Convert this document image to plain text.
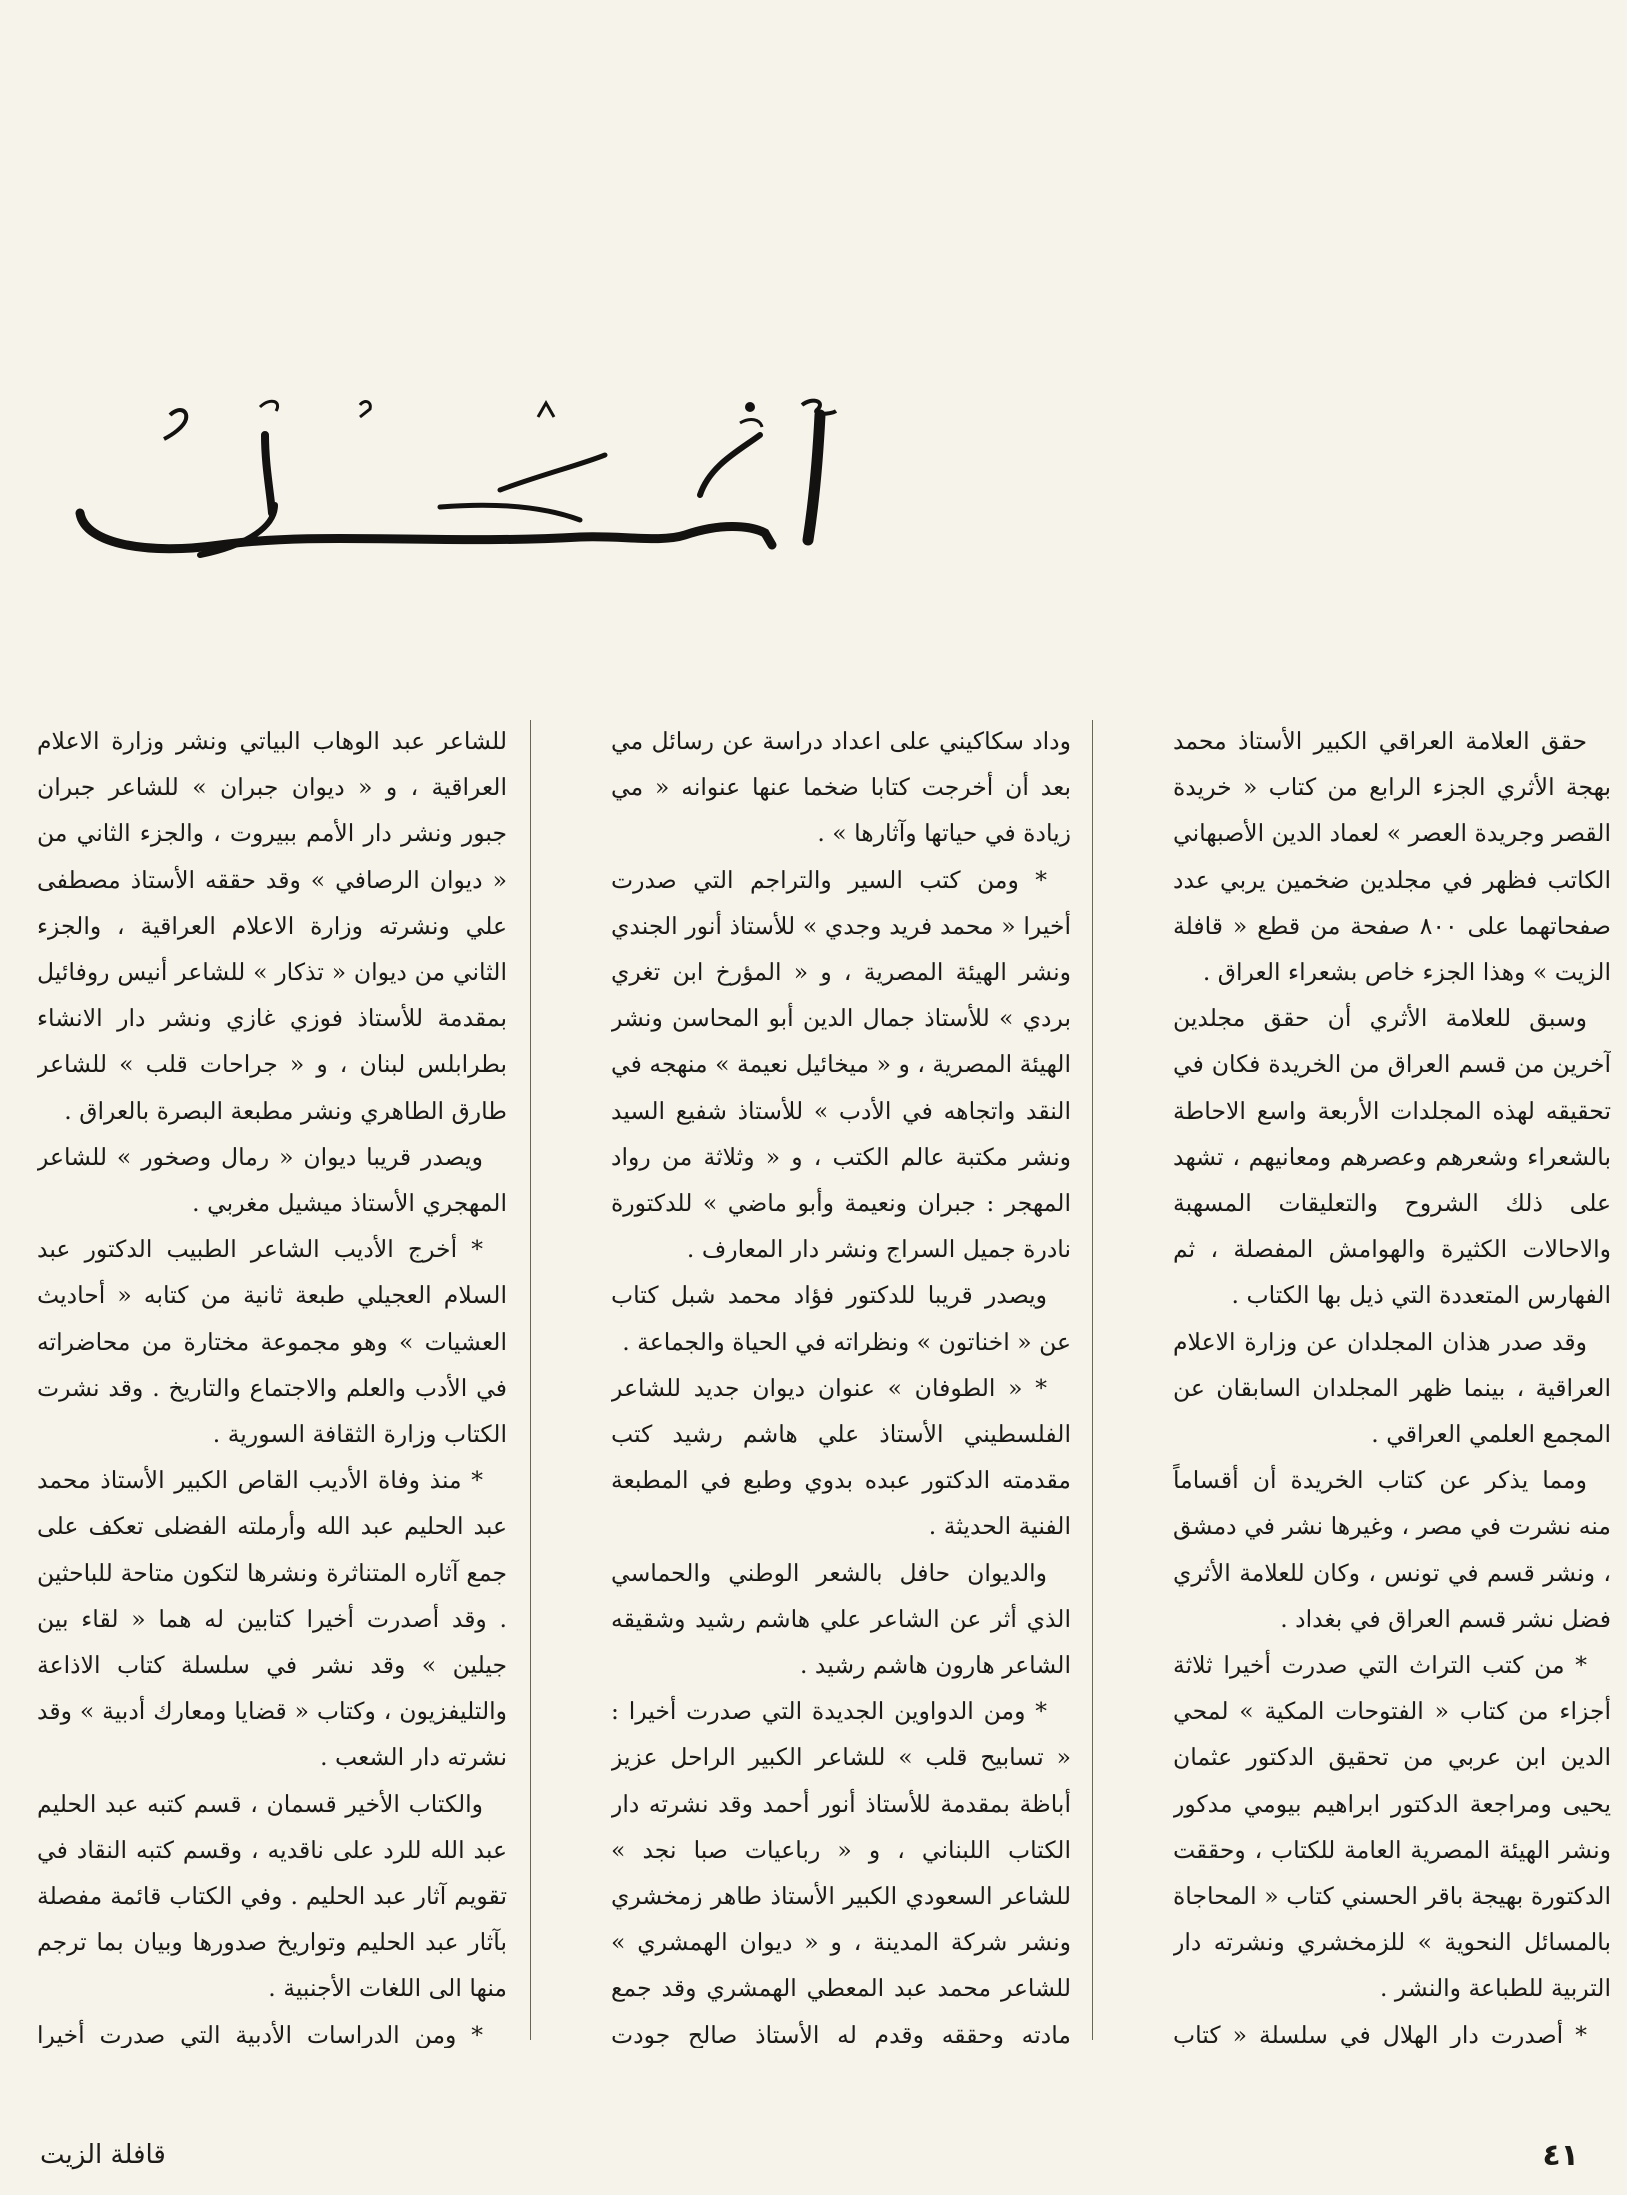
حقق العلامة العراقي الكبير الأستاذ محمد بهجة الأثري الجزء الرابع من كتاب « خريدة القصر وجريدة العصر » لعماد الدين الأصبهاني الكاتب فظهر في مجلدين ضخمين يربي عدد صفحاتهما على ٨٠٠ صفحة من قطع « قافلة الزيت » وهذا الجزء خاص بشعراء العراق .

وسبق للعلامة الأثري أن حقق مجلدين آخرين من قسم العراق من الخريدة فكان في تحقيقه لهذه المجلدات الأربعة واسع الاحاطة بالشعراء وشعرهم وعصرهم ومعانيهم ، تشهد على ذلك الشروح والتعليقات المسهبة والاحالات الكثيرة والهوامش المفصلة ، ثم الفهارس المتعددة التي ذيل بها الكتاب .

وقد صدر هذان المجلدان عن وزارة الاعلام العراقية ، بينما ظهر المجلدان السابقان عن المجمع العلمي العراقي .

ومما يذكر عن كتاب الخريدة أن أقساماً منه نشرت في مصر ، وغيرها نشر في دمشق ، ونشر قسم في تونس ، وكان للعلامة الأثري فضل نشر قسم العراق في بغداد .

* من كتب التراث التي صدرت أخيرا ثلاثة أجزاء من كتاب « الفتوحات المكية » لمحي الدين ابن عربي من تحقيق الدكتور عثمان يحيى ومراجعة الدكتور ابراهيم بيومي مدكور ونشر الهيئة المصرية العامة للكتاب ، وحققت الدكتورة بهيجة باقر الحسني كتاب « المحاجاة بالمسائل النحوية » للزمخشري ونشرته دار التربية للطباعة والنشر .

* أصدرت دار الهلال في سلسلة « كتاب

وداد سكاكيني على اعداد دراسة عن رسائل مي بعد أن أخرجت كتابا ضخما عنها عنوانه « مي زيادة في حياتها وآثارها » .

* ومن كتب السير والتراجم التي صدرت أخيرا « محمد فريد وجدي » للأستاذ أنور الجندي ونشر الهيئة المصرية ، و « المؤرخ ابن تغري بردي » للأستاذ جمال الدين أبو المحاسن ونشر الهيئة المصرية ، و « ميخائيل نعيمة » منهجه في النقد واتجاهه في الأدب » للأستاذ شفيع السيد ونشر مكتبة عالم الكتب ، و « وثلاثة من رواد المهجر : جبران ونعيمة وأبو ماضي » للدكتورة نادرة جميل السراج ونشر دار المعارف .

ويصدر قريبا للدكتور فؤاد محمد شبل كتاب عن « اخناتون » ونظراته في الحياة والجماعة .

* « الطوفان » عنوان ديوان جديد للشاعر الفلسطيني الأستاذ علي هاشم رشيد كتب مقدمته الدكتور عبده بدوي وطبع في المطبعة الفنية الحديثة .

والديوان حافل بالشعر الوطني والحماسي الذي أثر عن الشاعر علي هاشم رشيد وشقيقه الشاعر هارون هاشم رشيد .

* ومن الدواوين الجديدة التي صدرت أخيرا : « تسابيح قلب » للشاعر الكبير الراحل عزيز أباظة بمقدمة للأستاذ أنور أحمد وقد نشرته دار الكتاب اللبناني ، و « رباعيات صبا نجد » للشاعر السعودي الكبير الأستاذ طاهر زمخشري ونشر شركة المدينة ، و « ديوان الهمشري » للشاعر محمد عبد المعطي الهمشري وقد جمع مادته وحققه وقدم له الأستاذ صالح جودت

للشاعر عبد الوهاب البياتي ونشر وزارة الاعلام العراقية ، و « ديوان جبران » للشاعر جبران جبور ونشر دار الأمم ببيروت ، والجزء الثاني من « ديوان الرصافي » وقد حققه الأستاذ مصطفى علي ونشرته وزارة الاعلام العراقية ، والجزء الثاني من ديوان « تذكار » للشاعر أنيس روفائيل بمقدمة للأستاذ فوزي غازي ونشر دار الانشاء بطرابلس لبنان ، و « جراحات قلب » للشاعر طارق الطاهري ونشر مطبعة البصرة بالعراق .

ويصدر قريبا ديوان « رمال وصخور » للشاعر المهجري الأستاذ ميشيل مغربي .

* أخرج الأديب الشاعر الطبيب الدكتور عبد السلام العجيلي طبعة ثانية من كتابه « أحاديث العشيات » وهو مجموعة مختارة من محاضراته في الأدب والعلم والاجتماع والتاريخ . وقد نشرت الكتاب وزارة الثقافة السورية .

* منذ وفاة الأديب القاص الكبير الأستاذ محمد عبد الحليم عبد الله وأرملته الفضلى تعكف على جمع آثاره المتناثرة ونشرها لتكون متاحة للباحثين . وقد أصدرت أخيرا كتابين له هما « لقاء بين جيلين » وقد نشر في سلسلة كتاب الاذاعة والتليفزيون ، وكتاب « قضايا ومعارك أدبية » وقد نشرته دار الشعب .

والكتاب الأخير قسمان ، قسم كتبه عبد الحليم عبد الله للرد على ناقديه ، وقسم كتبه النقاد في تقويم آثار عبد الحليم . وفي الكتاب قائمة مفصلة بآثار عبد الحليم وتواريخ صدورها وبيان بما ترجم منها الى اللغات الأجنبية .

* ومن الدراسات الأدبية التي صدرت أخيرا

٤١
قافلة الزيت
